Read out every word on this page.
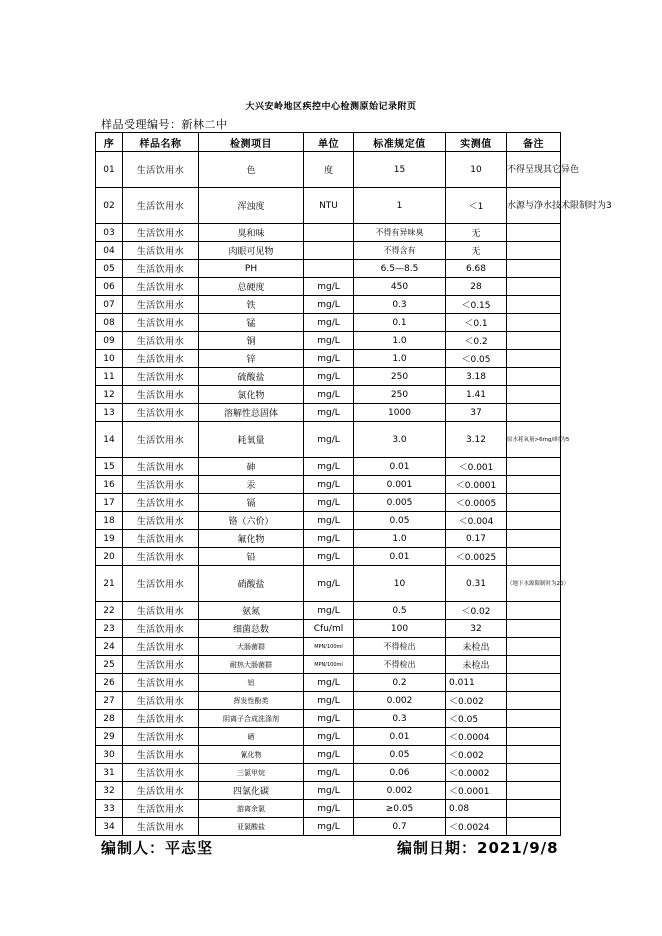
大兴安岭地区疾控中心检测原始记录附页
样品受理编号：新林二中
序	样品名称	检测项目	单位	标准规定值	实测值	备注
01	生活饮用水	色	度	15	10	不得呈现其它异色
02	生活饮用水	浑浊度	NTU	1	＜1	水源与净水技术限制时为3
03	生活饮用水	臭和味		不得有异味臭	无	
04	生活饮用水	肉眼可见物		不得含有	无	
05	生活饮用水	PH		6.5—8.5	6.68	
06	生活饮用水	总硬度	mg/L	450	28	
07	生活饮用水	铁	mg/L	0.3	＜0.15	
08	生活饮用水	锰	mg/L	0.1	＜0.1	
09	生活饮用水	铜	mg/L	1.0	＜0.2	
10	生活饮用水	锌	mg/L	1.0	＜0.05	
11	生活饮用水	硫酸盐	mg/L	250	3.18	
12	生活饮用水	氯化物	mg/L	250	1.41	
13	生活饮用水	溶解性总固体	mg/L	1000	37	
14	生活饮用水	耗氧量	mg/L	3.0	3.12	原水耗氧量>6mg/l时为5
15	生活饮用水	砷	mg/L	0.01	＜0.001	
16	生活饮用水	汞	mg/L	0.001	＜0.0001	
17	生活饮用水	镉	mg/L	0.005	＜0.0005	
18	生活饮用水	铬（六价）	mg/L	0.05	＜0.004	
19	生活饮用水	氟化物	mg/L	1.0	0.17	
20	生活饮用水	铅	mg/L	0.01	＜0.0025	
21	生活饮用水	硝酸盐	mg/L	10	0.31	（地下水源限制时为20）
22	生活饮用水	氨氮	mg/L	0.5	＜0.02	
23	生活饮用水	细菌总数	Cfu/ml	100	32	
24	生活饮用水	大肠菌群	MPN/100ml	不得检出	未检出	
25	生活饮用水	耐热大肠菌群	MPN/100ml	不得检出	未检出	
26	生活饮用水	铝	mg/L	0.2	0.011	
27	生活饮用水	挥发性酚类	mg/L	0.002	＜0.002	
28	生活饮用水	阴离子合成洗涤剂	mg/L	0.3	＜0.05	
29	生活饮用水	硒	mg/L	0.01	＜0.0004	
30	生活饮用水	氰化物	mg/L	0.05	＜0.002	
31	生活饮用水	三氯甲烷	mg/L	0.06	＜0.0002	
32	生活饮用水	四氯化碳	mg/L	0.002	＜0.0001	
33	生活饮用水	游离余氯	mg/L	≥0.05	0.08	
34	生活饮用水	亚氯酸盐	mg/L	0.7	＜0.0024	
编制人：平志坚	编制日期：2021/9/8
